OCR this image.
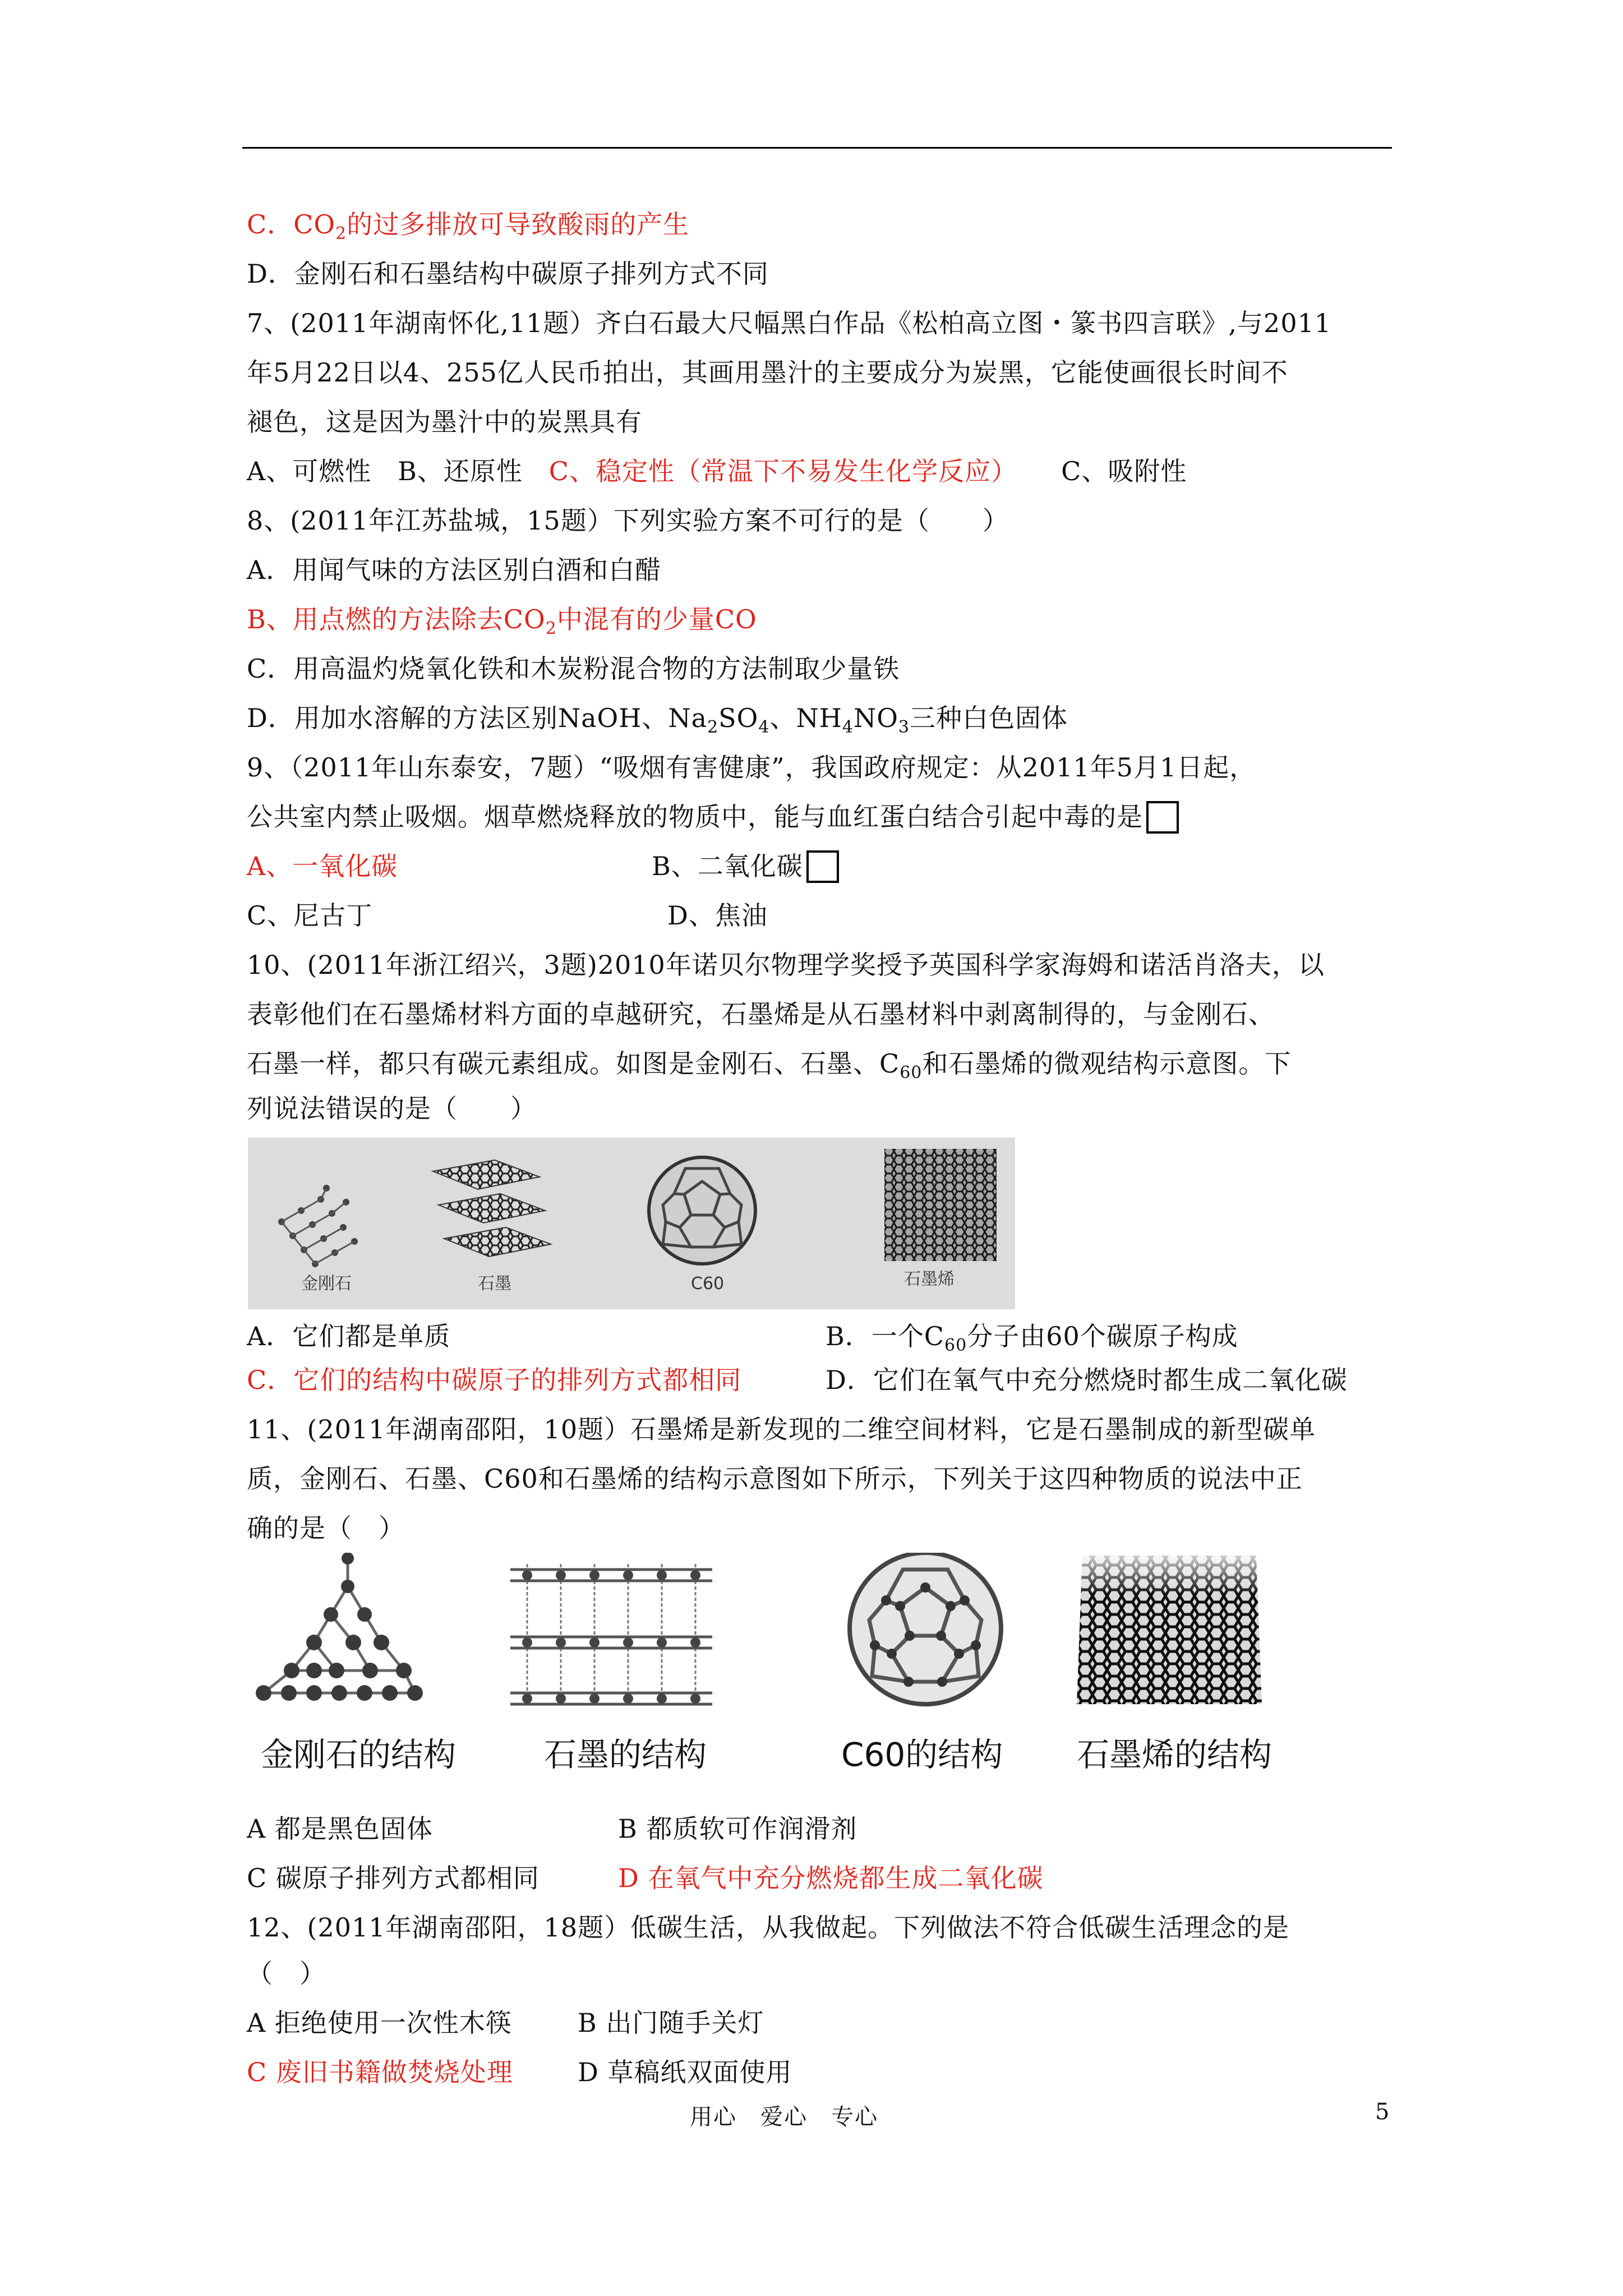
C．$CO_2$的过多排放可导致酸雨的产生
D．金刚石和石墨结构中碳原子排列方式不同
7、(2011年湖南怀化,11题）齐白石最大尺幅黑白作品《松柏高立图・篆书四言联》,与2011
年5月22日以4、255亿人民币拍出，其画用墨汁的主要成分为炭黑，它能使画很长时间不
褪色，这是因为墨汁中的炭黑具有
A、可燃性 B、还原性 C、稳定性（常温下不易发生化学反应） C、吸附性
8、(2011年江苏盐城，15题）下列实验方案不可行的是（　　）
A．用闻气味的方法区别白酒和白醋
B、用点燃的方法除去$CO_2$中混有的少量CO
C．用高温灼烧氧化铁和木炭粉混合物的方法制取少量铁
D．用加水溶解的方法区别NaOH、$Na_2SO_4$、$NH_4NO_3$三种白色固体
9、（2011年山东泰安，7题）“吸烟有害健康”，我国政府规定：从2011年5月1日起，
公共室内禁止吸烟。烟草燃烧释放的物质中，能与血红蛋白结合引起中毒的是
A、一氧化碳	B、二氧化碳
C、尼古丁	D、焦油
10、(2011年浙江绍兴，3题)2010年诺贝尔物理学奖授予英国科学家海姆和诺活肖洛夫，以
表彰他们在石墨烯材料方面的卓越研究，石墨烯是从石墨材料中剥离制得的，与金刚石、
石墨一样，都只有碳元素组成。如图是金刚石、石墨、$C_{60}$和石墨烯的微观结构示意图。下
列说法错误的是（　　）
金刚石	石墨	C60	石墨烯
A．它们都是单质	B．一个$C_{60}$分子由60个碳原子构成
C．它们的结构中碳原子的排列方式都相同	D．它们在氧气中充分燃烧时都生成二氧化碳
11、(2011年湖南邵阳，10题）石墨烯是新发现的二维空间材料，它是石墨制成的新型碳单
质，金刚石、石墨、C60和石墨烯的结构示意图如下所示，下列关于这四种物质的说法中正
确的是（　）
金刚石的结构	石墨的结构	C60的结构 石墨烯的结构
A 都是黑色固体	B 都质软可作润滑剂
C 碳原子排列方式都相同	D 在氧气中充分燃烧都生成二氧化碳
12、(2011年湖南邵阳，18题）低碳生活，从我做起。下列做法不符合低碳生活理念的是
（　）
A 拒绝使用一次性木筷	B 出门随手关灯
C 废旧书籍做焚烧处理	D 草稿纸双面使用
用心　爱心　专心	5
